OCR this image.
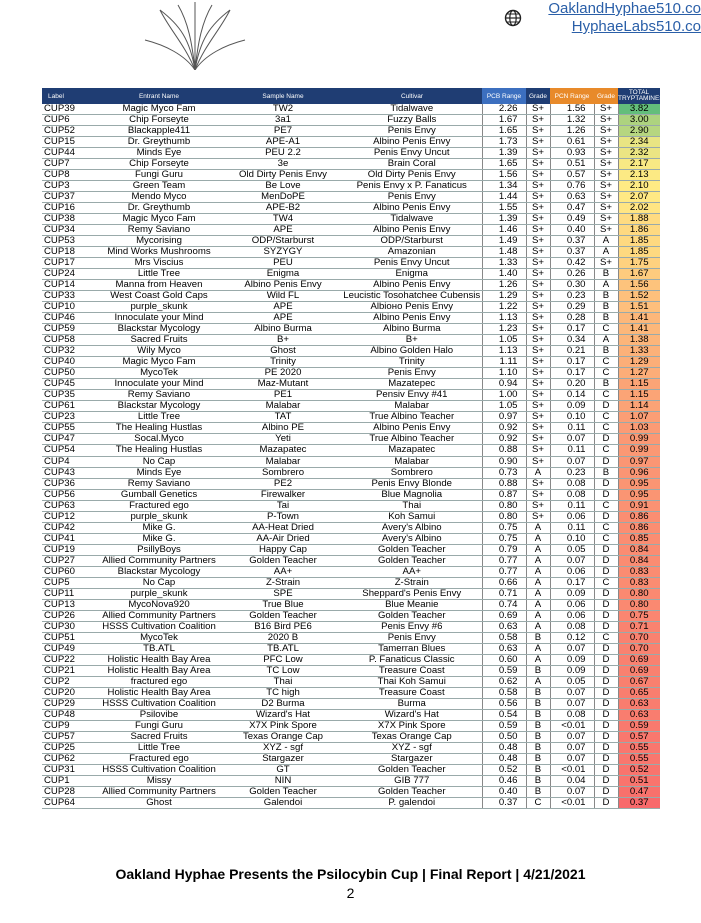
OaklandHyphae510.co
HyphaeLabs510.co
Label	Entrant Name	Sample Name	Cultivar	PCB Range	Grade	PCN Range	Grade	TOTAL TRYPTAMINES
CUP39	Magic Myco Fam	TW2	Tidalwave	2.26	S+	1.56	S+	3.82
CUP6	Chip Forseyte	3a1	Fuzzy Balls	1.67	S+	1.32	S+	3.00
CUP52	Blackapple411	PE7	Penis Envy	1.65	S+	1.26	S+	2.90
CUP15	Dr. Greythumb	APE-A1	Albino Penis Envy	1.73	S+	0.61	S+	2.34
CUP44	Minds Eye	PEU 2.2	Penis Envy Uncut	1.39	S+	0.93	S+	2.32
CUP7	Chip Forseyte	3e	Brain Coral	1.65	S+	0.51	S+	2.17
CUP8	Fungi Guru	Old Dirty Penis Envy	Old Dirty Penis Envy	1.56	S+	0.57	S+	2.13
CUP3	Green Team	Be Love	Penis Envy x P. Fanaticus	1.34	S+	0.76	S+	2.10
CUP37	Mendo Myco	MenDoPE	Penis Envy	1.44	S+	0.63	S+	2.07
CUP16	Dr. Greythumb	APE-B2	Albino Penis Envy	1.55	S+	0.47	S+	2.02
CUP38	Magic Myco Fam	TW4	Tidalwave	1.39	S+	0.49	S+	1.88
CUP34	Remy Saviano	APE	Albino Penis Envy	1.46	S+	0.40	S+	1.86
CUP53	Mycorising	ODP/Starburst	ODP/Starburst	1.49	S+	0.37	A	1.85
CUP18	Mind Works Mushrooms	SYZYGY	Amazonian	1.48	S+	0.37	A	1.85
CUP17	Mrs Viscius	PEU	Penis Envy Uncut	1.33	S+	0.42	S+	1.75
CUP24	Little Tree	Enigma	Enigma	1.40	S+	0.26	B	1.67
CUP14	Manna from Heaven	Albino Penis Envy	Albino Penis Envy	1.26	S+	0.30	A	1.56
CUP33	West Coast Gold Caps	Wild FL	Leucistic Tosohatchee Cubensis	1.29	S+	0.23	B	1.52
CUP10	purple_skunk	APE	Albioно Penis Envy	1.22	S+	0.29	B	1.51
CUP46	Innoculate your Mind	APE	Albino Penis Envy	1.13	S+	0.28	B	1.41
CUP59	Blackstar Mycology	Albino Burma	Albino Burma	1.23	S+	0.17	C	1.41
CUP58	Sacred Fruits	B+	B+	1.05	S+	0.34	A	1.38
CUP32	Wily Myco	Ghost	Albino Golden Halo	1.13	S+	0.21	B	1.33
CUP40	Magic Myco Fam	Trinity	Trinity	1.11	S+	0.17	C	1.29
CUP50	MycoTek	PE 2020	Penis Envy	1.10	S+	0.17	C	1.27
CUP45	Innoculate your Mind	Maz-Mutant	Mazatepec	0.94	S+	0.20	B	1.15
CUP35	Remy Saviano	PE1	Pensiv Envy #41	1.00	S+	0.14	C	1.15
CUP61	Blackstar Mycology	Malabar	Malabar	1.05	S+	0.09	D	1.14
CUP23	Little Tree	TAT	True Albino Teacher	0.97	S+	0.10	C	1.07
CUP55	The Healing Hustlas	Albino PE	Albino Penis Envy	0.92	S+	0.11	C	1.03
CUP47	Socal.Myco	Yeti	True Albino Teacher	0.92	S+	0.07	D	0.99
CUP54	The Healing Hustlas	Mazapatec	Mazapatec	0.88	S+	0.11	C	0.99
CUP4	No Cap	Malabar	Malabar	0.90	S+	0.07	D	0.97
CUP43	Minds Eye	Sombrero	Sombrero	0.73	A	0.23	B	0.96
CUP36	Remy Saviano	PE2	Penis Envy Blonde	0.88	S+	0.08	D	0.95
CUP56	Gumball Genetics	Firewalker	Blue Magnolia	0.87	S+	0.08	D	0.95
CUP63	Fractured ego	Tai	Thai	0.80	S+	0.11	C	0.91
CUP12	purple_skunk	P-Town	Koh Samui	0.80	S+	0.06	D	0.86
CUP42	Mike G.	AA-Heat Dried	Avery's Albino	0.75	A	0.11	C	0.86
CUP41	Mike G.	AA-Air Dried	Avery's Albino	0.75	A	0.10	C	0.85
CUP19	PsillyBoys	Happy Cap	Golden Teacher	0.79	A	0.05	D	0.84
CUP27	Allied Community Partners	Golden Teacher	Golden Teacher	0.77	A	0.07	D	0.84
CUP60	Blackstar Mycology	AA+	AA+	0.77	A	0.06	D	0.83
CUP5	No Cap	Z-Strain	Z-Strain	0.66	A	0.17	C	0.83
CUP11	purple_skunk	SPE	Sheppard's Penis Envy	0.71	A	0.09	D	0.80
CUP13	MycoNova920	True Blue	Blue Meanie	0.74	A	0.06	D	0.80
CUP26	Allied Community Partners	Golden Teacher	Golden Teacher	0.69	A	0.06	D	0.75
CUP30	HSSS Cultivation Coalition	B16 Bird PE6	Penis Envy #6	0.63	A	0.08	D	0.71
CUP51	MycoTek	2020 B	Penis Envy	0.58	B	0.12	C	0.70
CUP49	TB.ATL	TB.ATL	Tamerran Blues	0.63	A	0.07	D	0.70
CUP22	Holistic Health Bay Area	PFC Low	P. Fanaticus Classic	0.60	A	0.09	D	0.69
CUP21	Holistic Health Bay Area	TC Low	Treasure Coast	0.59	B	0.09	D	0.69
CUP2	fractured ego	Thai	Thai Koh Samui	0.62	A	0.05	D	0.67
CUP20	Holistic Health Bay Area	TC high	Treasure Coast	0.58	B	0.07	D	0.65
CUP29	HSSS Cultivation Coalition	D2 Burma	Burma	0.56	B	0.07	D	0.63
CUP48	Psilovibe	Wizard's Hat	Wizard's Hat	0.54	B	0.08	D	0.63
CUP9	Fungi Guru	X7X Pink Spore	X7X Pink Spore	0.59	B	<0.01	D	0.59
CUP57	Sacred Fruits	Texas Orange Cap	Texas Orange Cap	0.50	B	0.07	D	0.57
CUP25	Little Tree	XYZ - sgf	XYZ - sgf	0.48	B	0.07	D	0.55
CUP62	Fractured ego	Stargazer	Stargazer	0.48	B	0.07	D	0.55
CUP31	HSSS Cultivation Coalition	GT	Golden Teacher	0.52	B	<0.01	D	0.52
CUP1	Missy	NIN	GIB 777	0.46	B	0.04	D	0.51
CUP28	Allied Community Partners	Golden Teacher	Golden Teacher	0.40	B	0.07	D	0.47
CUP64	Ghost	Galendoi	P. galendoi	0.37	C	<0.01	D	0.37
Oakland Hyphae Presents the Psilocybin Cup | Final Report | 4/21/2021
2
